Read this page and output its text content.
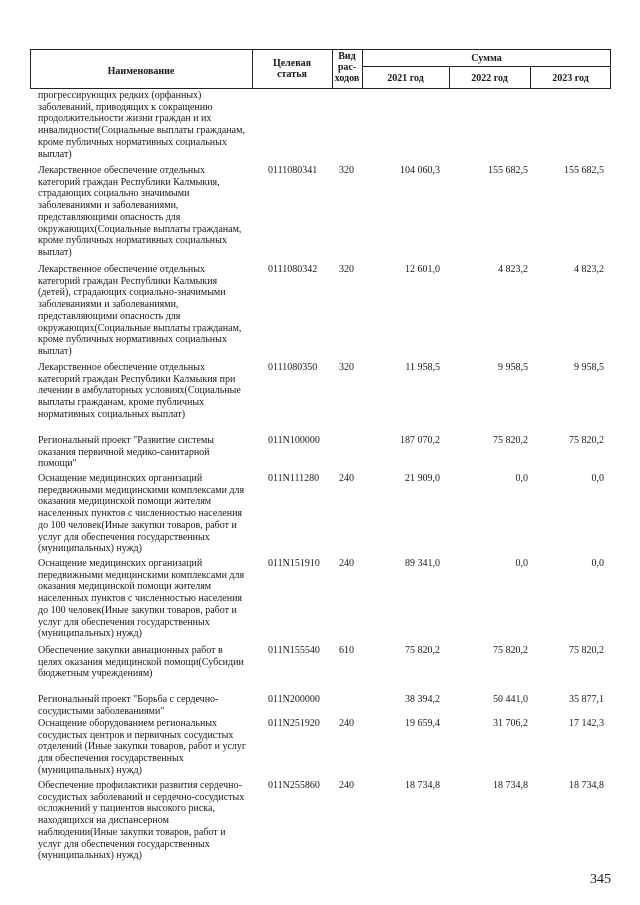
Наименование
Целевая
статья
Вид
рас-
ходов
Сумма
2021 год	2022 год	2023 год
прогрессирующих редких (орфанных) заболеваний, приводящих к сокращению продолжительности жизни граждан и их инвалидности(Социальные выплаты гражданам, кроме публичных нормативных социальных выплат)
Лекарственное обеспечение отдельных категорий граждан Республики Калмыкия, страдающих социально значимыми заболеваниями и заболеваниями, представляющими опасность для окружающих(Социальные выплаты гражданам, кроме публичных нормативных социальных выплат)
0111080341	320	104 060,3	155 682,5	155 682,5
Лекарственное обеспечение отдельных категорий граждан Республики Калмыкия (детей), страдающих социально-значимыми заболеваниями и заболеваниями, представляющими опасность для окружающих(Социальные выплаты гражданам, кроме публичных нормативных социальных выплат)
0111080342	320	12 601,0	4 823,2	4 823,2
Лекарственное обеспечение отдельных категорий граждан Республики Калмыкия при лечении в амбулаторных условиях(Социальные выплаты гражданам, кроме публичных нормативных социальных выплат)
0111080350	320	11 958,5	9 958,5	9 958,5
Региональный проект "Развитие системы оказания первичной медико-санитарной помощи"
011N100000	187 070,2	75 820,2	75 820,2
Оснащение медицинских организаций передвижными медицинскими комплексами для оказания медицинской помощи жителям населенных пунктов с численностью населения до 100 человек(Иные закупки товаров, работ и услуг для обеспечения государственных (муниципальных) нужд)
011N111280	240	21 909,0	0,0	0,0
Оснащение медицинских организаций передвижными медицинскими комплексами для оказания медицинской помощи жителям населенных пунктов с численностью населения до 100 человек(Иные закупки товаров, работ и услуг для обеспечения государственных (муниципальных) нужд)
011N151910	240	89 341,0	0,0	0,0
Обеспечение закупки авиационных работ в целях оказания медицинской помощи(Субсидии бюджетным учреждениям)
011N155540	610	75 820,2	75 820,2	75 820,2
Региональный проект "Борьба с сердечно-сосудистыми заболеваниями"
011N200000	38 394,2	50 441,0	35 877,1
Оснащение оборудованием региональных сосудистых центров и первичных сосудистых отделений (Иные закупки товаров, работ и услуг для обеспечения государственных (муниципальных) нужд)
011N251920	240	19 659,4	31 706,2	17 142,3
Обеспечение профилактики развития сердечно-сосудистых заболеваний и сердечно-сосудистых осложнений у пациентов высокого риска, находящихся на диспансерном наблюдении(Иные закупки товаров, работ и услуг для обеспечения государственных (муниципальных) нужд)
011N255860	240	18 734,8	18 734,8	18 734,8
345
